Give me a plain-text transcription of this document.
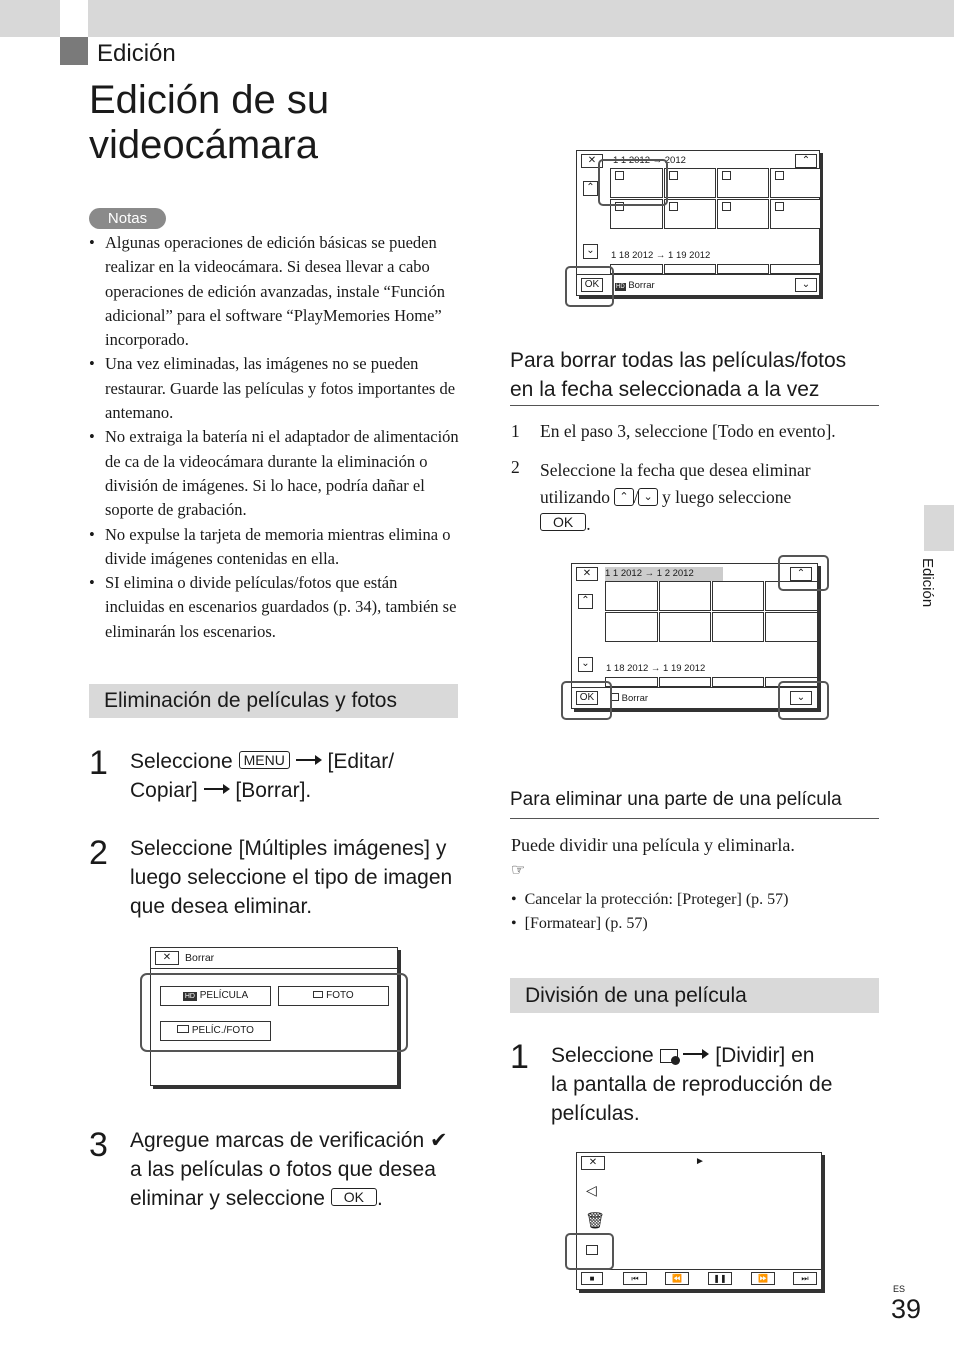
Edición
Edición de su
videocámara
Notas
• Algunas operaciones de edición básicas se pueden realizar en la videocámara. Si desea llevar a cabo operaciones de edición avanzadas, instale “Función adicional” para el software “PlayMemories Home” incorporado.
• Una vez eliminadas, las imágenes no se pueden restaurar. Guarde las películas y fotos importantes de antemano.
• No extraiga la batería ni el adaptador de alimentación de ca de la videocámara durante la eliminación o división de imágenes. Si lo hace, podría dañar el soporte de grabación.
• No expulse la tarjeta de memoria mientras elimina o divide imágenes contenidas en ella.
• SI elimina o divide películas/fotos que están incluidas en escenarios guardados (p. 34), también se eliminarán los escenarios.
Eliminación de películas y fotos
1 Seleccione MENU [Editar/
Copiar] [Borrar].
2 Seleccione [Múltiples imágenes] y luego seleccione el tipo de imagen que desea eliminar.
✕	Borrar
HD PELÍCULA	FOTO
PELÍC./FOTO
3 Agregue marcas de verificación ✔ a las películas o fotos que desea eliminar y seleccione OK .
✕	1 1 2012 → 2012	⌃
⌃
⌄	1 18 2012 → 1 19 2012
OK	HD Borrar	⌄
Para borrar todas las películas/fotos
en la fecha seleccionada a la vez
1 En el paso 3, seleccione [Todo en evento].
2 Seleccione la fecha que desea eliminar
utilizando ⌃ / ⌄ y luego seleccione
OK .
✕	1 1 2012 → 1 2 2012	⌃
⌃
⌄	1 18 2012 → 1 19 2012
OK	Borrar	⌄
Para eliminar una parte de una película
Puede dividir una película y eliminarla.
☞
•  Cancelar la protección: [Proteger] (p. 57)
•  [Formatear] (p. 57)
División de una película
1 Seleccione	[Dividir] en
la pantalla de reproducción de
películas.
✕	►
◁
🗑
■	⏮	⏪	❚❚	⏩	⏭
Edición
ES
39
